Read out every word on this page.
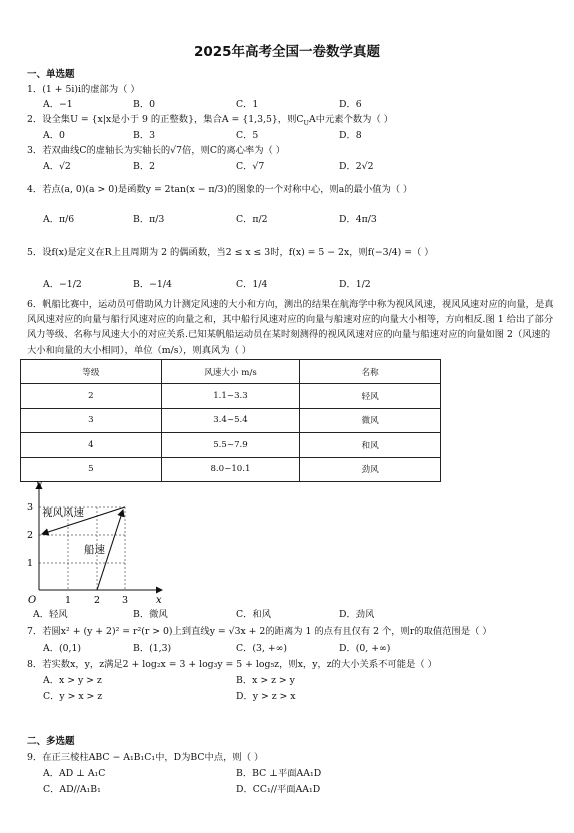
2025年高考全国一卷数学真题
一、单选题
1．(1 + 5i)i的虚部为（ ）
A．−1	B．0	C．1	D．6
2．设全集U = {x|x是小于 9 的正整数}，集合A = {1,3,5}，则$C_UA$中元素个数为（ ）
A．0	B．3	C．5	D．8
3．若双曲线C的虚轴长为实轴长的√7倍，则C的离心率为（ ）
A．√2	B．2	C．√7	D．2√2
4．若点(a, 0)(a > 0)是函数y = 2tan(x − π/3)的图象的一个对称中心，则a的最小值为（ ）
A．π/6	B．π/3	C．π/2	D．4π/3
5．设f(x)是定义在R上且周期为 2 的偶函数，当2 ≤ x ≤ 3时，f(x) = 5 − 2x，则f(−3/4) =（ ）
A．−1/2	B．−1/4	C．1/4	D．1/2
6．帆船比赛中，运动员可借助风力计测定风速的大小和方向，测出的结果在航海学中称为视风风速，视风风速对应的向量，是真风风速对应的向量与船行风速对应的向量之和，其中船行风速对应的向量与船速对应的向量大小相等，方向相反.图 1 给出了部分风力等级、名称与风速大小的对应关系.已知某帆船运动员在某时刻测得的视风风速对应的向量与船速对应的向量如图 2（风速的大小和向量的大小相同），单位（m/s），则真风为（ ）
等级	风速大小 m/s	名称
2	1.1~3.3	轻风
3	3.4~5.4	微风
4	5.5~7.9	和风
5	8.0~10.1	劲风
y
x
O	1 2 3
1
2
3 视风风速
船速
A．轻风	B．微风	C．和风	D．劲风
7．若圆x² + (y + 2)² = r²(r > 0)上到直线y = √3x + 2的距离为 1 的点有且仅有 2 个，则r的取值范围是（ ）
A．(0,1)	B．(1,3)	C．(3, +∞)	D．(0, +∞)
8．若实数x，y，z满足2 + log₂x = 3 + log₃y = 5 + log₅z，则x，y，z的大小关系不可能是（ ）
A．x > y > z	B．x > z > y
C．y > x > z	D．y > z > x
二、多选题
9．在正三棱柱ABC − A₁B₁C₁中，D为BC中点，则（ ）
A．AD ⊥ A₁C	B．BC ⊥平面AA₁D
C．AD//A₁B₁	D．CC₁//平面AA₁D
